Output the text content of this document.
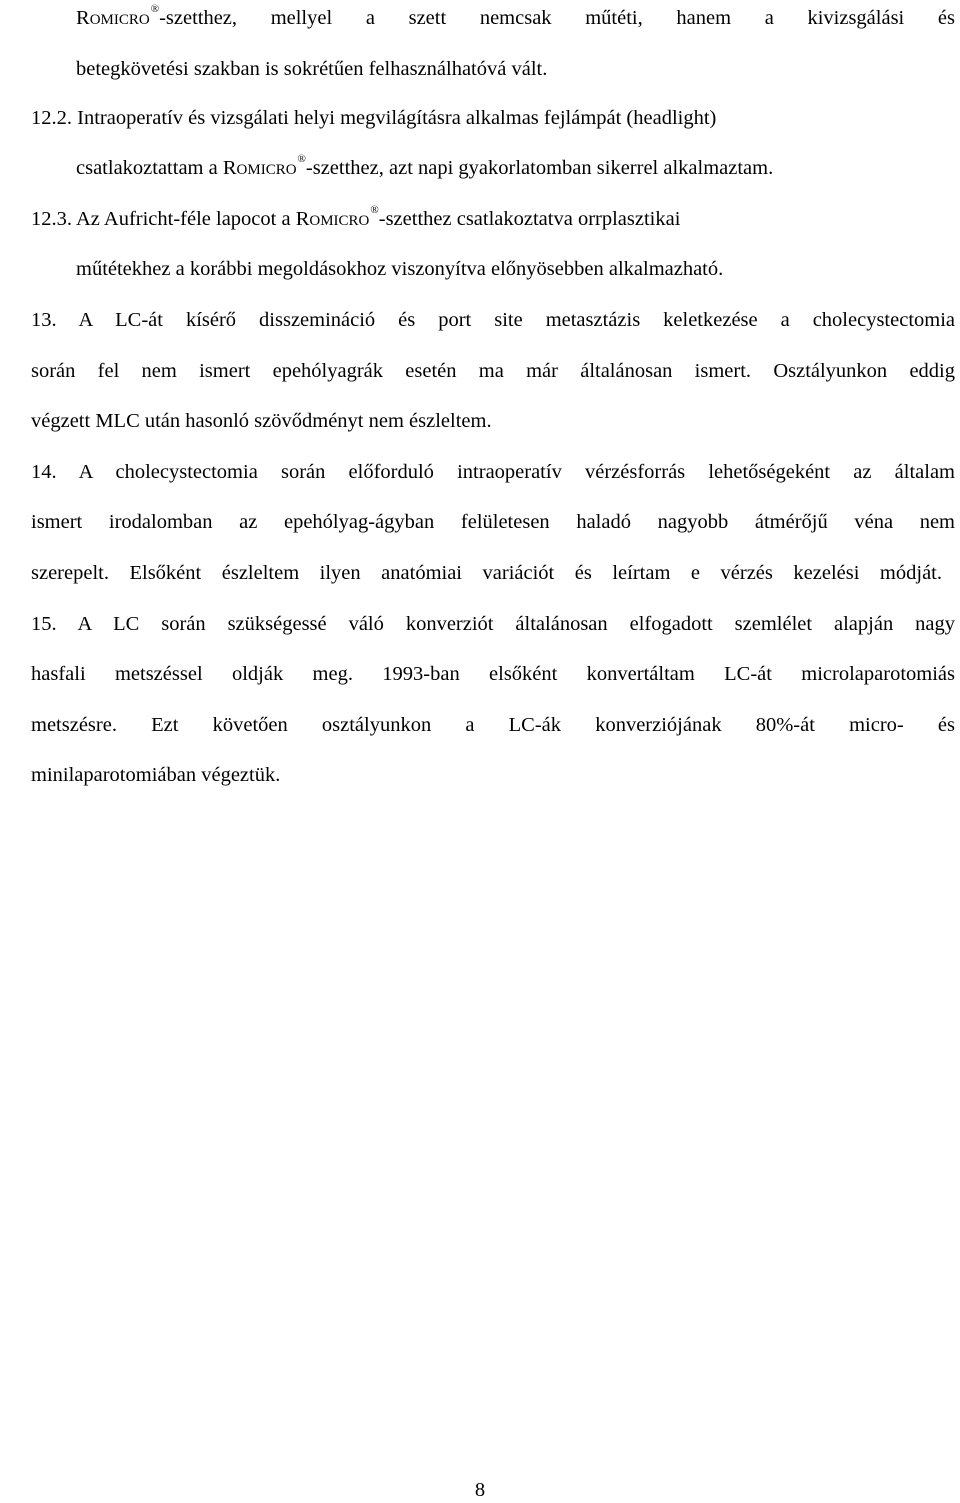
ROMICRO®-szetthez, mellyel a szett nemcsak műtéti, hanem a kivizsgálási és
betegkövetési szakban is sokrétűen felhasználhatóvá vált.
12.2. Intraoperatív és vizsgálati helyi megvilágításra alkalmas fejlámpát (headlight)
csatlakoztattam a ROMICRO®-szetthez, azt napi gyakorlatomban sikerrel alkalmaztam.
12.3. Az Aufricht-féle lapocot a ROMICRO®-szetthez csatlakoztatva orrplasztikai
műtétekhez a korábbi megoldásokhoz viszonyítva előnyösebben alkalmazható.
13. A LC-át kísérő disszemináció és port site metasztázis keletkezése a cholecystectomia
során fel nem ismert epehólyagrák esetén ma már általánosan ismert. Osztályunkon eddig
végzett MLC után hasonló szövődményt nem észleltem.
14. A cholecystectomia során előforduló intraoperatív vérzésforrás lehetőségeként az általam
ismert irodalomban az epehólyag-ágyban felületesen haladó nagyobb átmérőjű véna nem
szerepelt. Elsőként észleltem ilyen anatómiai variációt és leírtam e vérzés kezelési módját.
15. A LC során szükségessé váló konverziót általánosan elfogadott szemlélet alapján nagy
hasfali metszéssel oldják meg. 1993-ban elsőként konvertáltam LC-át microlaparotomiás
metszésre. Ezt követően osztályunkon a LC-ák konverziójának 80%-át micro- és
minilaparotomiában végeztük.
8
